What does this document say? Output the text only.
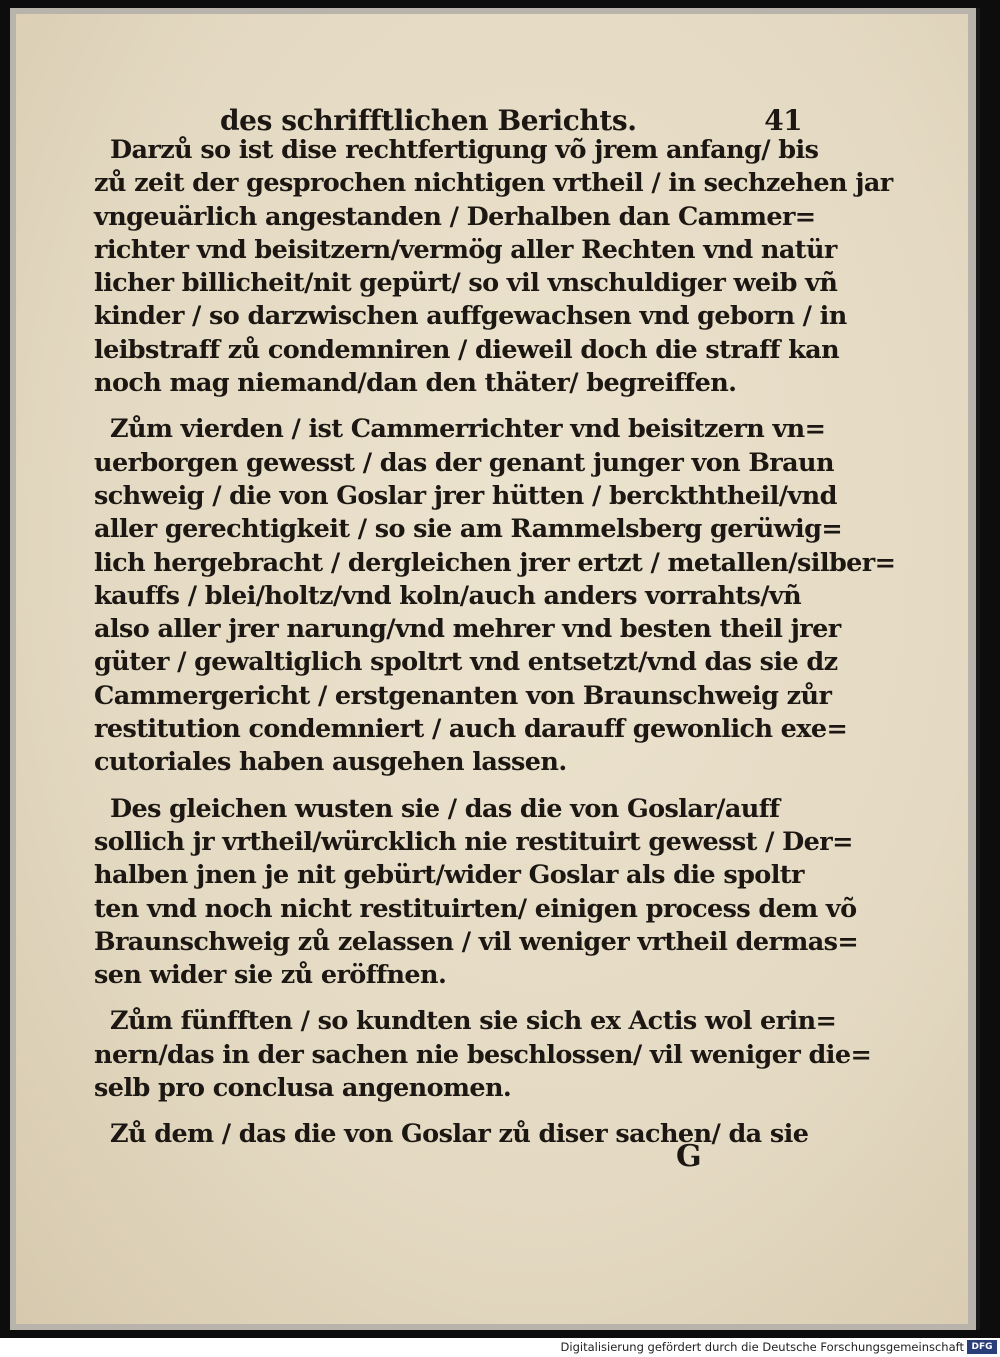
des schrifftlichen Berichts.	41
Darzů so ist dise rechtfertigung võ jrem anfang/ bis
zů zeit der gesprochen nichtigen vrtheil / in sechzehen jar
vngeuärlich angestanden / Derhalben dan Cammer=
richter vnd beisitzern/vermög aller Rechten vnd natür
licher billicheit/nit gepürt/ so vil vnschuldiger weib vñ
kinder / so darzwischen auffgewachsen vnd geborn / in
leibstraff zů condemniren / dieweil doch die straff kan
noch mag niemand/dan den thäter/ begreiffen.
Zům vierden / ist Cammerrichter vnd beisitzern vn=
uerborgen gewesst / das der genant junger von Braun
schweig / die von Goslar jrer hütten / berckththeil/vnd
aller gerechtigkeit / so sie am Rammelsberg gerüwig=
lich hergebracht / dergleichen jrer ertzt / metallen/silber=
kauffs / blei/holtz/vnd koln/auch anders vorrahts/vñ
also aller jrer narung/vnd mehrer vnd besten theil jrer
güter / gewaltiglich spoltrt vnd entsetzt/vnd das sie dz
Cammergericht / erstgenanten von Braunschweig zůr
restitution condemniert / auch darauff gewonlich exe=
cutoriales haben ausgehen lassen.
Des gleichen wusten sie / das die von Goslar/auff
sollich jr vrtheil/würcklich nie restituirt gewesst / Der=
halben jnen je nit gebürt/wider Goslar als die spoltr
ten vnd noch nicht restituirten/ einigen process dem võ
Braunschweig zů zelassen / vil weniger vrtheil dermas=
sen wider sie zů eröffnen.
Zům fünfften / so kundten sie sich ex Actis wol erin=
nern/das in der sachen nie beschlossen/ vil weniger die=
selb pro conclusa angenomen.
Zů dem / das die von Goslar zů diser sachen/ da sie
G
Digitalisierung gefördert durch die Deutsche Forschungsgemeinschaft DFG
